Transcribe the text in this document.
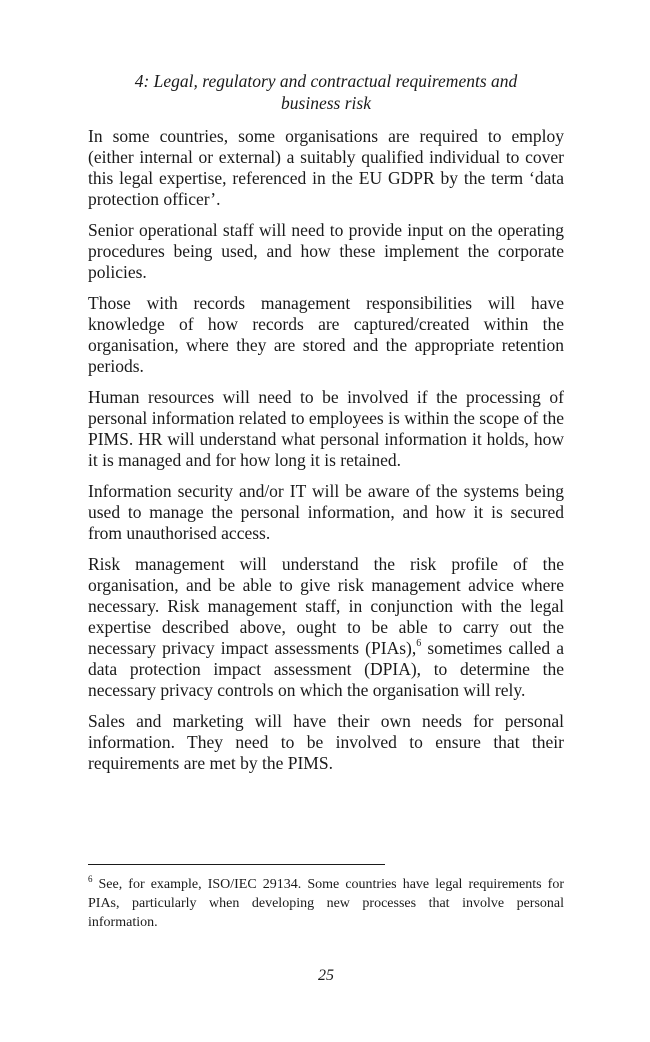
4: Legal, regulatory and contractual requirements and
business risk

In some countries, some organisations are required to employ (either internal or external) a suitably qualified individual to cover this legal expertise, referenced in the EU GDPR by the term ‘data protection officer’.

Senior operational staff will need to provide input on the operating procedures being used, and how these implement the corporate policies.

Those with records management responsibilities will have knowledge of how records are captured/created within the organisation, where they are stored and the appropriate retention periods.

Human resources will need to be involved if the processing of personal information related to employees is within the scope of the PIMS. HR will understand what personal information it holds, how it is managed and for how long it is retained.

Information security and/or IT will be aware of the systems being used to manage the personal information, and how it is secured from unauthorised access.

Risk management will understand the risk profile of the organisation, and be able to give risk management advice where necessary. Risk management staff, in conjunction with the legal expertise described above, ought to be able to carry out the necessary privacy impact assessments (PIAs),$^6$ sometimes called a data protection impact assessment (DPIA), to determine the necessary privacy controls on which the organisation will rely.

Sales and marketing will have their own needs for personal information. They need to be involved to ensure that their requirements are met by the PIMS.

$^6$ See, for example, ISO/IEC 29134. Some countries have legal requirements for PIAs, particularly when developing new processes that involve personal information.
25
